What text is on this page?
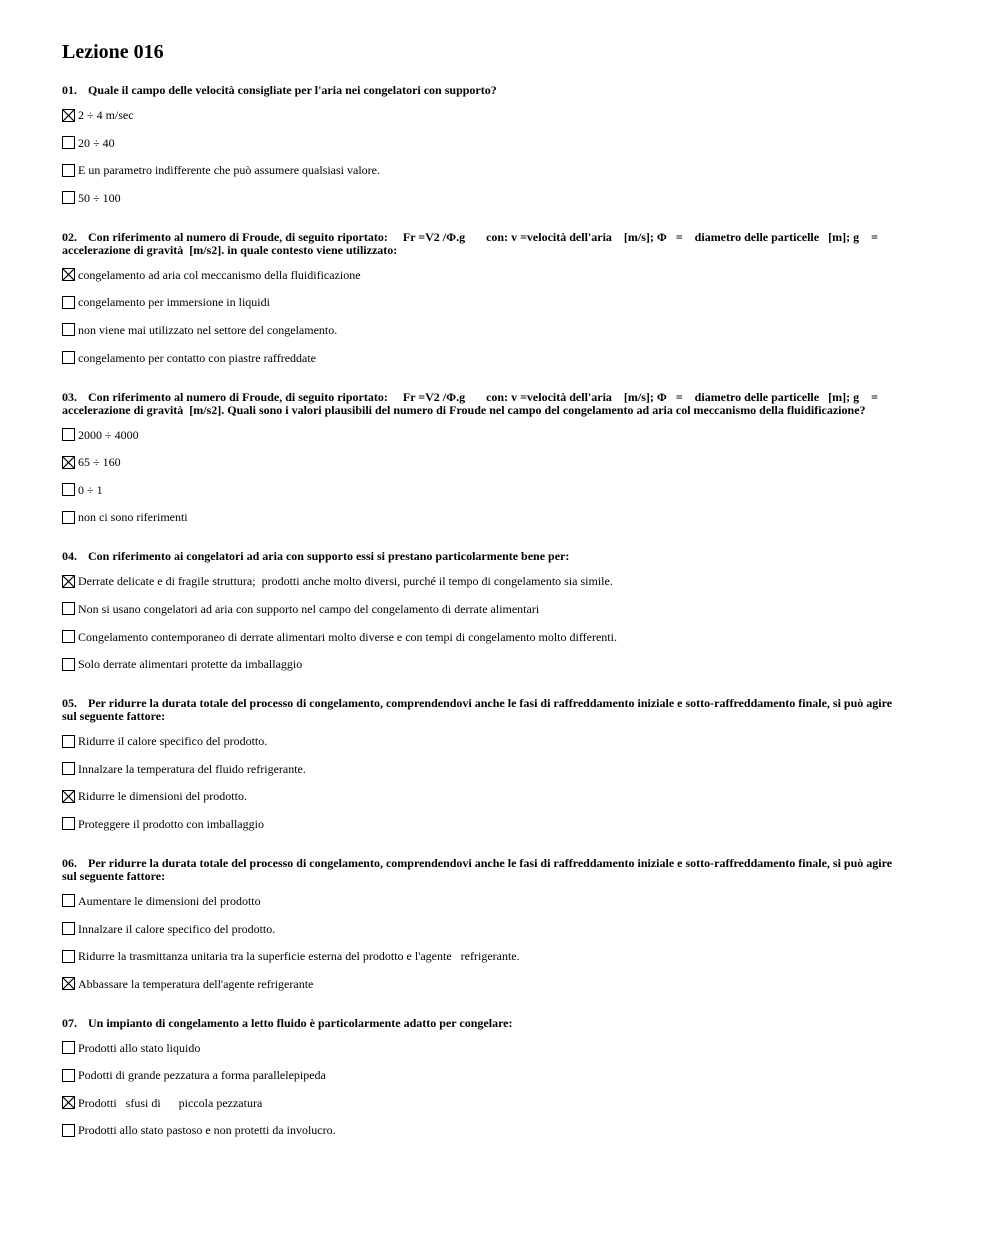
Lezione 016

01. Quale il campo delle velocità consigliate per l'aria nei congelatori con supporto?

2 ÷ 4 m/sec
20 ÷ 40
E un parametro indifferente che può assumere qualsiasi valore.
50 ÷ 100

02. Con riferimento al numero di Froude, di seguito riportato:     Fr =V2 /Φ.g       con: v =velocità dell'aria    [m/s]; Φ   =    diametro delle particelle   [m]; g    =
accelerazione di gravità  [m/s2]. in quale contesto viene utilizzato:

congelamento ad aria col meccanismo della fluidificazione
congelamento per immersione in liquidi
non viene mai utilizzato nel settore del congelamento.
congelamento per contatto con piastre raffreddate

03. Con riferimento al numero di Froude, di seguito riportato:     Fr =V2 /Φ.g       con: v =velocità dell'aria    [m/s]; Φ   =    diametro delle particelle   [m]; g    =
accelerazione di gravità  [m/s2]. Quali sono i valori plausibili del numero di Froude nel campo del congelamento ad aria col meccanismo della fluidificazione?

2000 ÷ 4000
65 ÷ 160
0 ÷ 1
non ci sono riferimenti

04. Con riferimento ai congelatori ad aria con supporto essi si prestano particolarmente bene per:

Derrate delicate e di fragile struttura;  prodotti anche molto diversi, purché il tempo di congelamento sia simile.
Non si usano congelatori ad aria con supporto nel campo del congelamento di derrate alimentari
Congelamento contemporaneo di derrate alimentari molto diverse e con tempi di congelamento molto differenti.
Solo derrate alimentari protette da imballaggio

05. Per ridurre la durata totale del processo di congelamento, comprendendovi anche le fasi di raffreddamento iniziale e sotto-raffreddamento finale, si può agire
sul seguente fattore:

Ridurre il calore specifico del prodotto.
Innalzare la temperatura del fluido refrigerante.
Ridurre le dimensioni del prodotto.
Proteggere il prodotto con imballaggio

06. Per ridurre la durata totale del processo di congelamento, comprendendovi anche le fasi di raffreddamento iniziale e sotto-raffreddamento finale, si può agire
sul seguente fattore:

Aumentare le dimensioni del prodotto
Innalzare il calore specifico del prodotto.
Ridurre la trasmittanza unitaria tra la superficie esterna del prodotto e l'agente   refrigerante.
Abbassare la temperatura dell'agente refrigerante

07. Un impianto di congelamento a letto fluido è particolarmente adatto per congelare:

Prodotti allo stato liquido
Podotti di grande pezzatura a forma parallelepipeda
Prodotti   sfusi di      piccola pezzatura
Prodotti allo stato pastoso e non protetti da involucro.
